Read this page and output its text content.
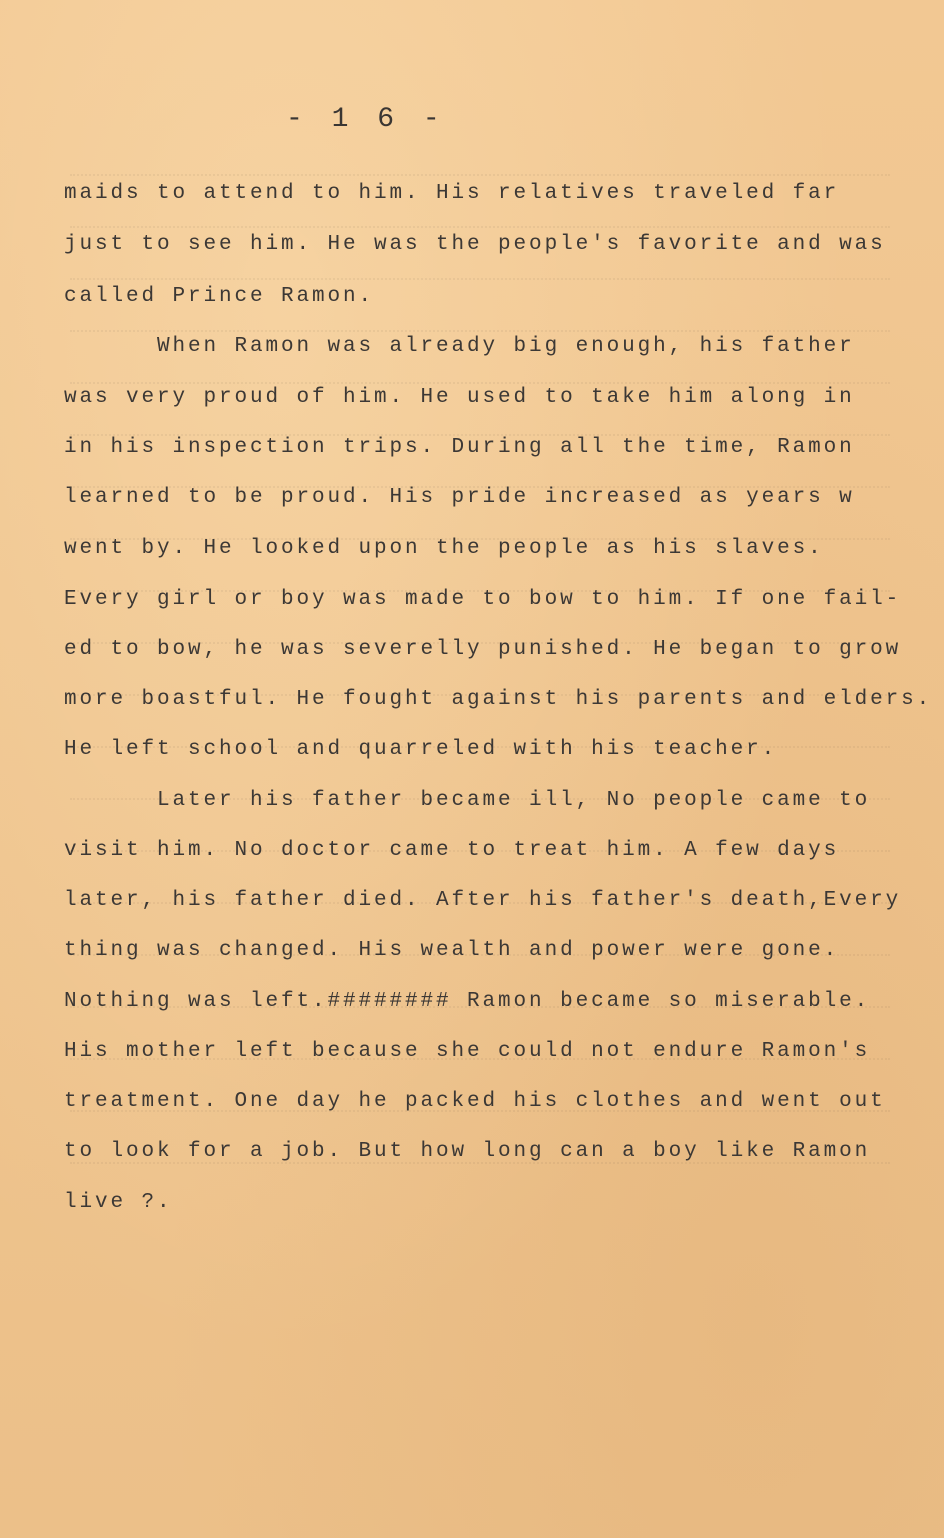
- 1 6 -
maids to attend to him. His relatives traveled far
just to see him. He was the people's favorite and was
called Prince Ramon.
When Ramon was already big enough, his father
was very proud of him. He used to take him along in
in his inspection trips. During all the time, Ramon
learned to be proud. His pride increased as years w
went by. He looked upon the people as his slaves.
Every girl or boy was made to bow to him. If one fail-
ed to bow, he was severelly punished. He began to grow
more boastful. He fought against his parents and elders.
He left school and quarreled with his teacher.
Later his father became ill, No people came to
visit him. No doctor came to treat him. A few days
later, his father died. After his father's death,Every
thing was changed. His wealth and power were gone.
Nothing was left.######## Ramon became so miserable.
His mother left because she could not endure Ramon's
treatment. One day he packed his clothes and went out
to look for a job. But how long can a boy like Ramon
live ?.
